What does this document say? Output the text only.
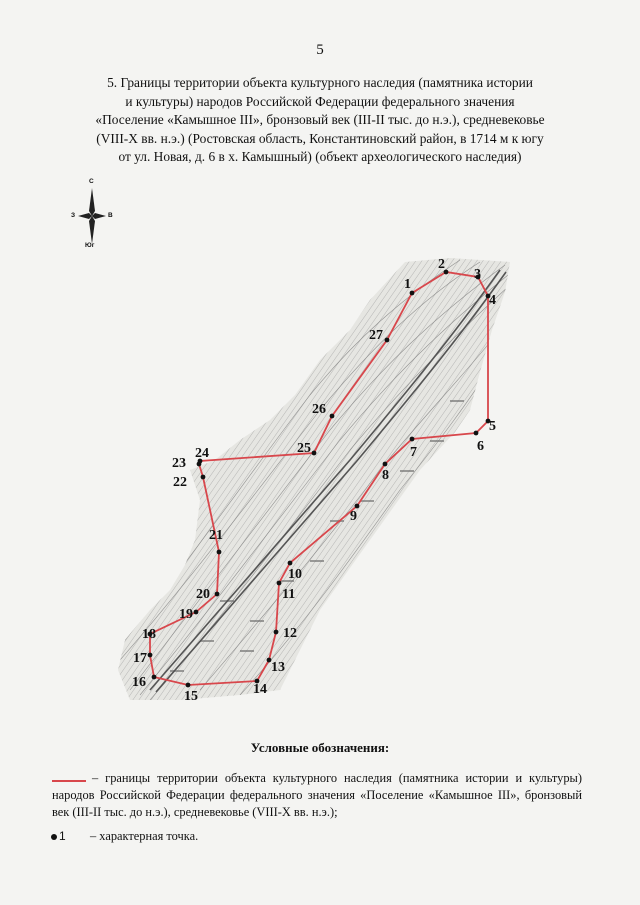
5
5. Границы территории объекта культурного наследия (памятника истории
и культуры) народов Российской Федерации федерального значения
«Поселение «Камышное III», бронзовый век (III-II тыс. до н.э.), средневековье
(VIII-X вв. н.э.) (Ростовская область, Константиновский район, в 1714 м к югу
от ул. Новая, д. 6 в х. Камышный) (объект археологического наследия)
С
З	В
Юг
1
2
3
4
5
6
7
8
9
10
11
12
13
14
15
16
17
18
19
20
21
22
23
24	25
26
27
Условные обозначения:
– границы территории объекта культурного наследия (памятника истории и культуры) народов Российской Федерации федерального значения «Поселение «Камышное III», бронзовый век (III-II тыс. до н.э.), средневековье (VIII-X вв. н.э.);
1 – характерная точка.
